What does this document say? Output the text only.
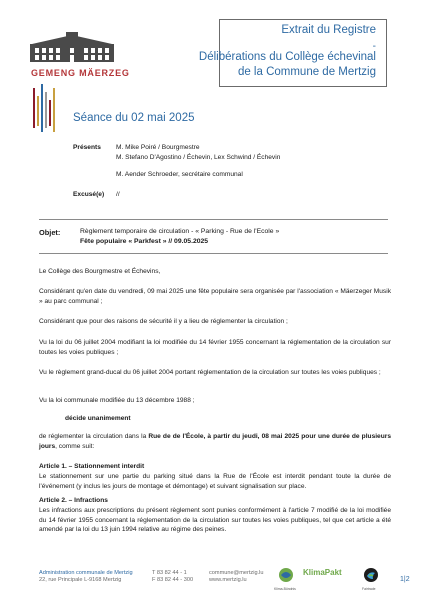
GEMENG MÄERZEG
Extrait du Registre
-
Délibérations du Collège échevinal
de la Commune de Mertzig
Séance du 02 mai 2025
Présents M. Mike Poiré / Bourgmestre
M. Stefano D'Agostino / Échevin, Lex Schwind / Échevin
M. Aender Schroeder, secrétaire communal
Excusé(e) //
Objet:	Règlement temporaire de circulation - « Parking - Rue de l'Ecole »
Fête populaire « Parkfest » // 09.05.2025
Le Collège des Bourgmestre et Échevins,
Considérant qu'en date du vendredi, 09 mai 2025 une fête populaire sera organisée par l'association « Mäerzeger Musik » au parc communal ;
Considérant que pour des raisons de sécurité il y a lieu de réglementer la circulation ;
Vu la loi du 06 juillet 2004 modifiant la loi modifiée du 14 février 1955 concernant la réglementation de la circulation sur toutes les voies publiques ;
Vu le règlement grand-ducal du 06 juillet 2004 portant réglementation de la circulation sur toutes les voies publiques ;
Vu la loi communale modifiée du 13 décembre 1988 ;
décide unanimement
de réglementer la circulation dans la Rue de de l'École, à partir du jeudi, 08 mai 2025 pour une durée de plusieurs jours, comme suit:
Article 1. – Stationnement interdit
Le stationnement sur une partie du parking situé dans la Rue de l'École est interdit pendant toute la durée de l'événement (y inclus les jours de montage et démontage) et suivant signalisation sur place.
Article 2. – Infractions
Les infractions aux prescriptions du présent règlement sont punies conformément à l'article 7 modifié de la loi modifiée du 14 février 1955 concernant la réglementation de la circulation sur toutes les voies publiques, tel que cet article a été amendé par la loi du 13 juin 1994 relative au régime des peines.
Administration communale de Mertzig
22, rue Principale L-9168 Mertzig
T 83 82 44 - 1
F 83 82 44 - 300
commune@mertzig.lu
www.mertzig.lu
Klima-Bündnis
KlimaPakt
Fairtrade
1|2
